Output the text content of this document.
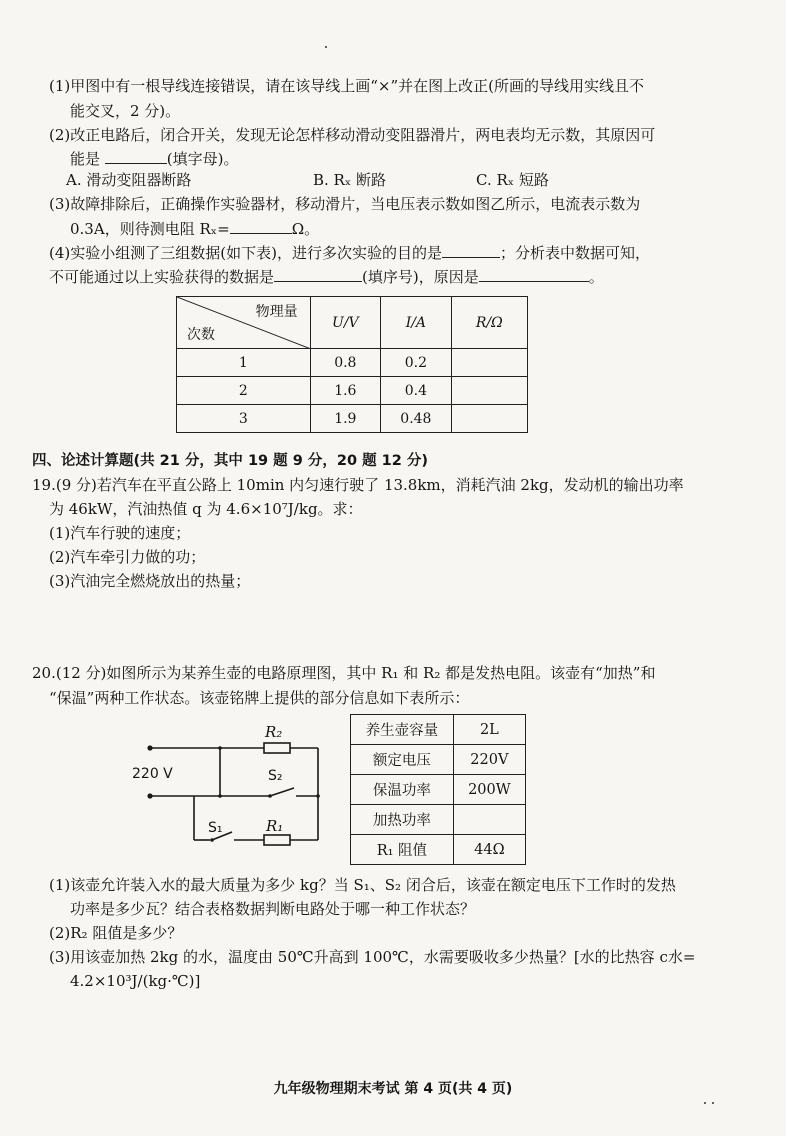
(1)甲图中有一根导线连接错误，请在该导线上画“×”并在图上改正(所画的导线用实线且不
能交叉，2 分)。
(2)改正电路后，闭合开关，发现无论怎样移动滑动变阻器滑片，两电表均无示数，其原因可
能是	(填字母)。
A. 滑动变阻器断路	B. Rₓ 断路	C. Rₓ 短路
(3)故障排除后，正确操作实验器材，移动滑片，当电压表示数如图乙所示，电流表示数为
0.3A，则待测电阻 Rₓ=	Ω。
(4)实验小组测了三组数据(如下表)，进行多次实验的目的是	；分析表中数据可知，
不可能通过以上实验获得的数据是	(填序号)，原因是	。
物理量
次数	U/V	I/A	R/Ω
1	0.8	0.2	
2	1.6	0.4	
3	1.9	0.48	
四、论述计算题(共 21 分，其中 19 题 9 分，20 题 12 分)
19.(9 分)若汽车在平直公路上 10min 内匀速行驶了 13.8km，消耗汽油 2kg，发动机的输出功率
为 46kW，汽油热值 q 为 4.6×10⁷J/kg。求：
(1)汽车行驶的速度；
(2)汽车牵引力做的功；
(3)汽油完全燃烧放出的热量；
20.(12 分)如图所示为某养生壶的电路原理图，其中 R₁ 和 R₂ 都是发热电阻。该壶有“加热”和
“保温”两种工作状态。该壶铭牌上提供的部分信息如下表所示：
220 V
R₂
S₂
S₁	R₁
养生壶容量	2L
额定电压	220V
保温功率	200W
加热功率	
R₁ 阻值	44Ω
(1)该壶允许装入水的最大质量为多少 kg？当 S₁、S₂ 闭合后，该壶在额定电压下工作时的发热
功率是多少瓦？结合表格数据判断电路处于哪一种工作状态？
(2)R₂ 阻值是多少？
(3)用该壶加热 2kg 的水，温度由 50℃升高到 100℃，水需要吸收多少热量？[水的比热容 c水=
4.2×10³J/(kg·℃)]
九年级物理期末考试 第 4 页(共 4 页)
